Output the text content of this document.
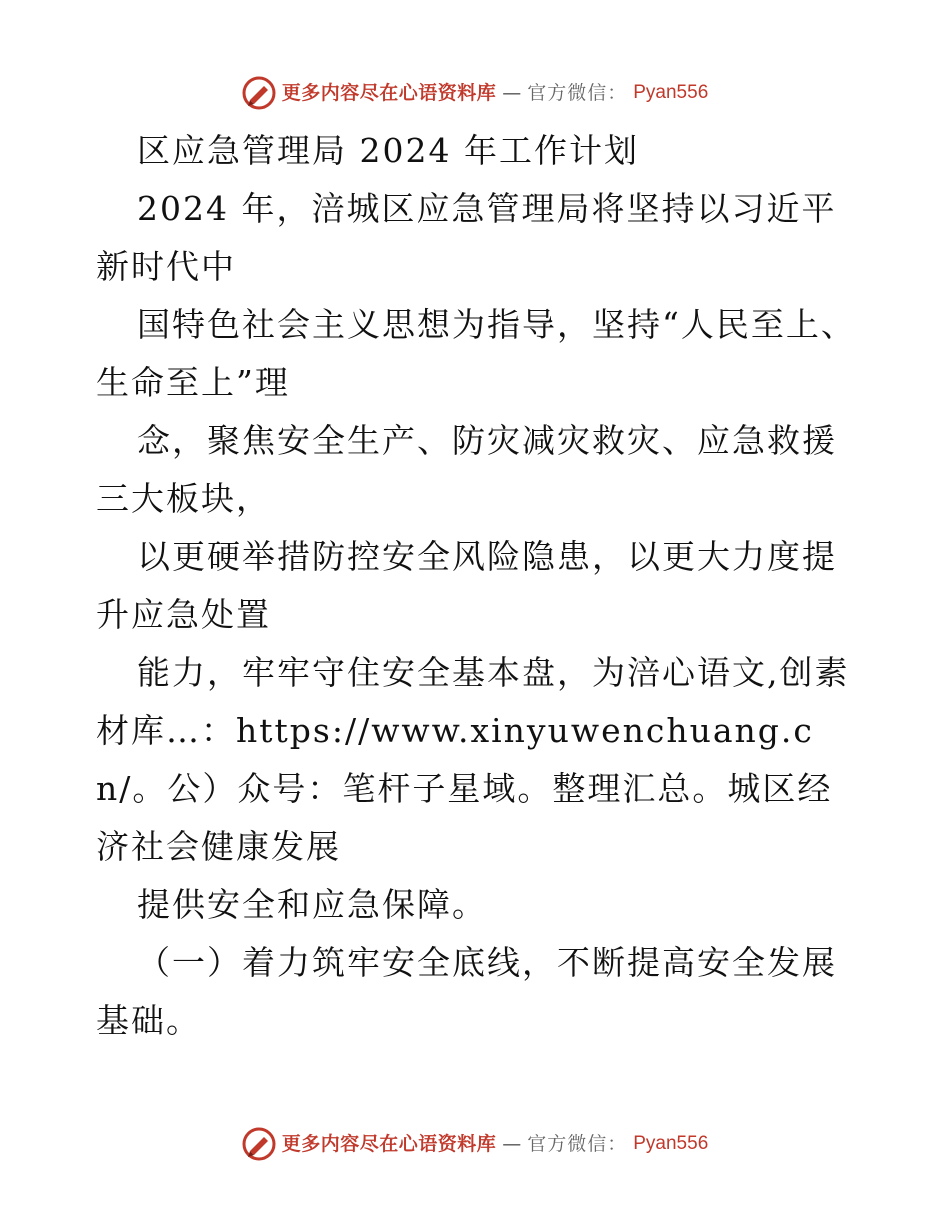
更多内容尽在心语资料库 — 官方微信： Pyan556

区应急管理局 2024 年工作计划

2024 年，涪城区应急管理局将坚持以习近平新时代中

国特色社会主义思想为指导，坚持“人民至上、生命至上”理

念，聚焦安全生产、防灾减灾救灾、应急救援三大板块，

以更硬举措防控安全风险隐患，以更大力度提升应急处置

能力，牢牢守住安全基本盘，为涪心语文,创素材库…：https://www.xinyuwenchuang.cn/。公）众号：笔杆子星域。整理汇总。城区经济社会健康发展

提供安全和应急保障。

（一）着力筑牢安全底线，不断提高安全发展基础。

更多内容尽在心语资料库 — 官方微信： Pyan556
